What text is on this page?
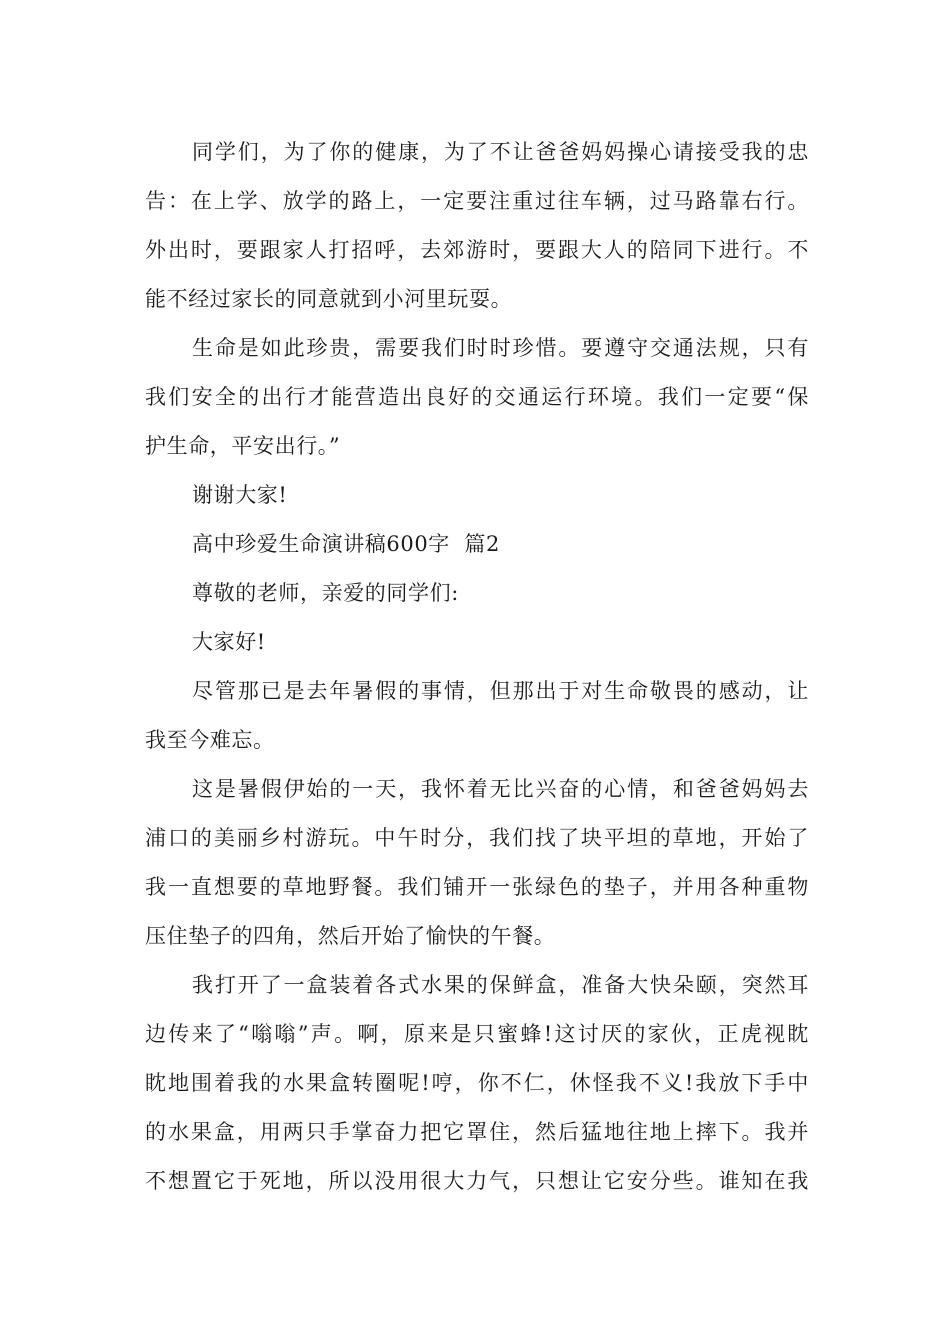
同学们，为了你的健康，为了不让爸爸妈妈操心请接受我的忠
告：在上学、放学的路上，一定要注重过往车辆，过马路靠右行。
外出时，要跟家人打招呼，去郊游时，要跟大人的陪同下进行。不
能不经过家长的同意就到小河里玩耍。
生命是如此珍贵，需要我们时时珍惜。要遵守交通法规，只有
我们安全的出行才能营造出良好的交通运行环境。我们一定要“保
护生命，平安出行。”

谢谢大家!

高中珍爱生命演讲稿600字  篇2

尊敬的老师，亲爱的同学们:

大家好!

尽管那已是去年暑假的事情，但那出于对生命敬畏的感动，让
我至今难忘。
这是暑假伊始的一天，我怀着无比兴奋的心情，和爸爸妈妈去
浦口的美丽乡村游玩。中午时分，我们找了块平坦的草地，开始了
我一直想要的草地野餐。我们铺开一张绿色的垫子，并用各种重物
压住垫子的四角，然后开始了愉快的午餐。
我打开了一盒装着各式水果的保鲜盒，准备大快朵颐，突然耳
边传来了“嗡嗡”声。啊，原来是只蜜蜂!这讨厌的家伙，正虎视眈
眈地围着我的水果盒转圈呢!哼，你不仁，休怪我不义!我放下手中
的水果盒，用两只手掌奋力把它罩住，然后猛地往地上摔下。我并
不想置它于死地，所以没用很大力气，只想让它安分些。谁知在我
